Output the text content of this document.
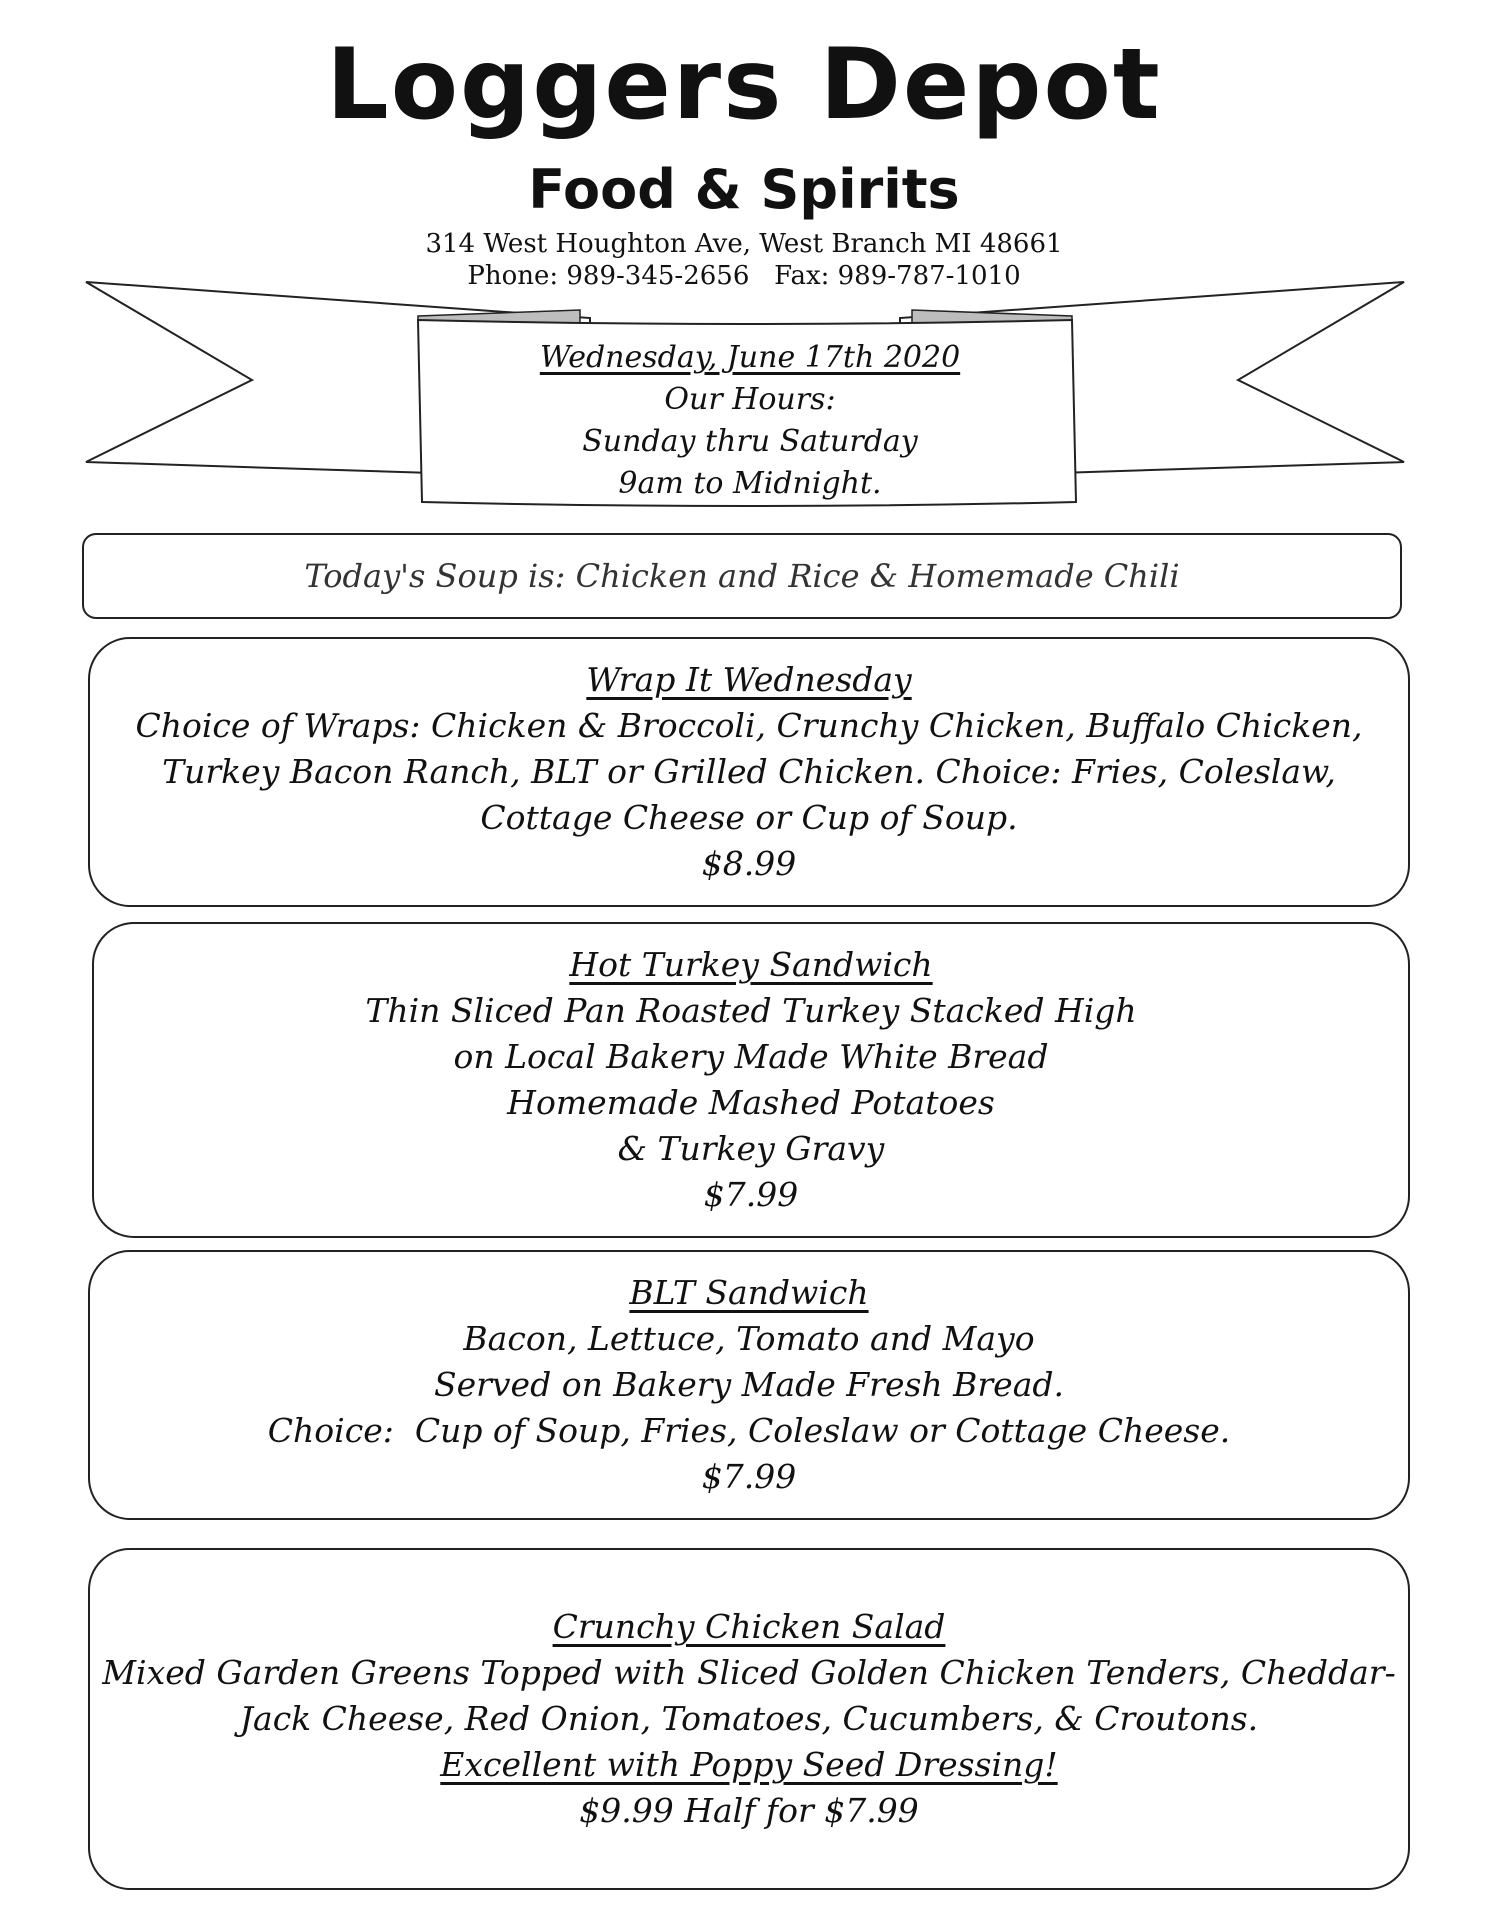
Loggers Depot
Food & Spirits
314 West Houghton Ave, West Branch MI 48661
Phone: 989-345-2656   Fax: 989-787-1010
Wednesday, June 17th 2020
Our Hours:
Sunday thru Saturday
9am to Midnight.
Today's Soup is: Chicken and Rice & Homemade Chili
Wrap It Wednesday
Choice of Wraps: Chicken & Broccoli, Crunchy Chicken, Buffalo Chicken,
Turkey Bacon Ranch, BLT or Grilled Chicken. Choice: Fries, Coleslaw,
Cottage Cheese or Cup of Soup.
$8.99
Hot Turkey Sandwich
Thin Sliced Pan Roasted Turkey Stacked High
on Local Bakery Made White Bread
Homemade Mashed Potatoes
& Turkey Gravy
$7.99
BLT Sandwich
Bacon, Lettuce, Tomato and Mayo
Served on Bakery Made Fresh Bread.
Choice:  Cup of Soup, Fries, Coleslaw or Cottage Cheese.
$7.99
Crunchy Chicken Salad
Mixed Garden Greens Topped with Sliced Golden Chicken Tenders, Cheddar-
Jack Cheese, Red Onion, Tomatoes, Cucumbers, & Croutons.
Excellent with Poppy Seed Dressing!
$9.99 Half for $7.99
